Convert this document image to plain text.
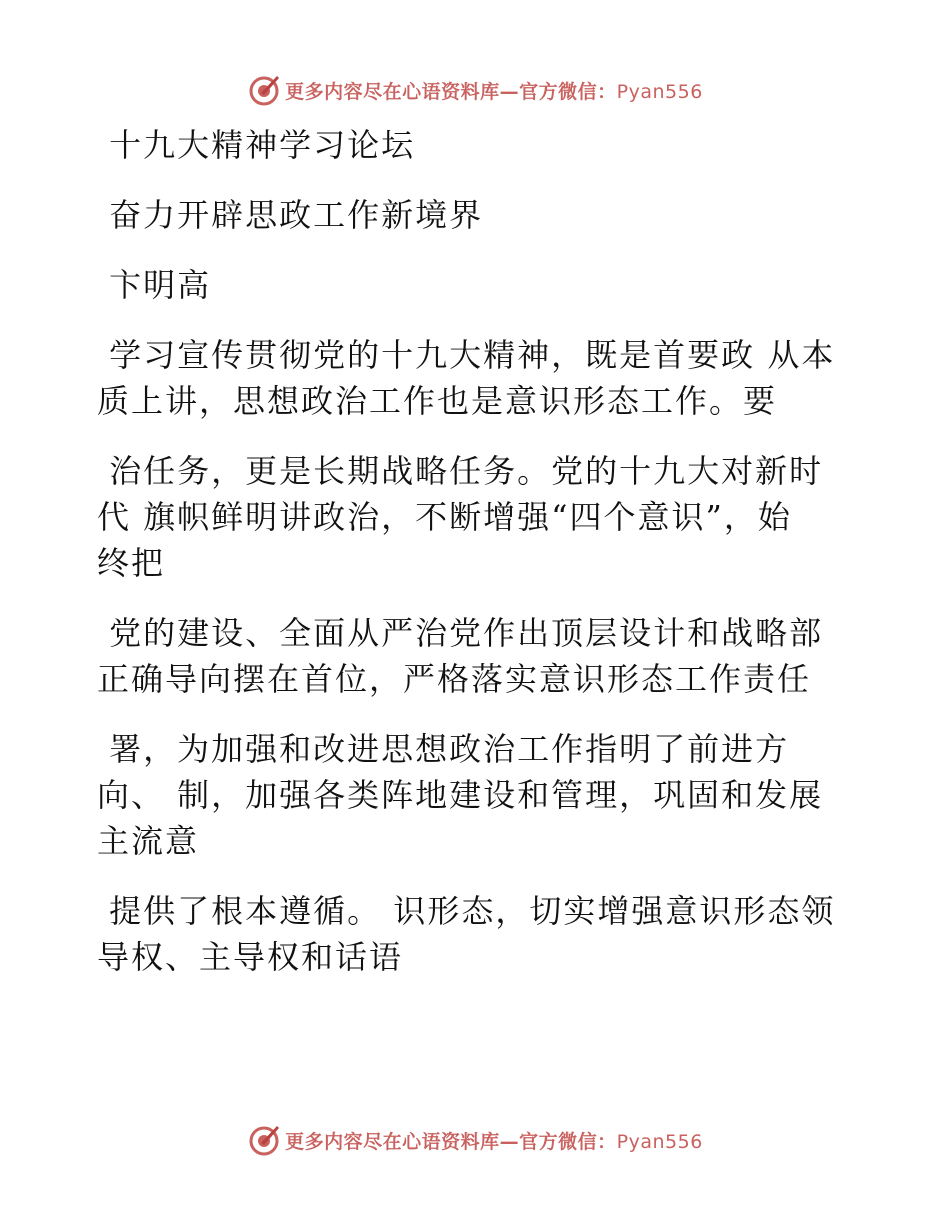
更多内容尽在心语资料库—官方微信：Pyan556
十九大精神学习论坛
奋力开辟思政工作新境界
卞明高
学习宣传贯彻党的十九大精神，既是首要政 从本
质上讲，思想政治工作也是意识形态工作。要
治任务，更是长期战略任务。党的十九大对新时
代 旗帜鲜明讲政治，不断增强“四个意识”，始
终把
党的建设、全面从严治党作出顶层设计和战略部
正确导向摆在首位，严格落实意识形态工作责任
署，为加强和改进思想政治工作指明了前进方
向、 制，加强各类阵地建设和管理，巩固和发展
主流意
提供了根本遵循。 识形态，切实增强意识形态领
导权、主导权和话语
更多内容尽在心语资料库—官方微信：Pyan556
